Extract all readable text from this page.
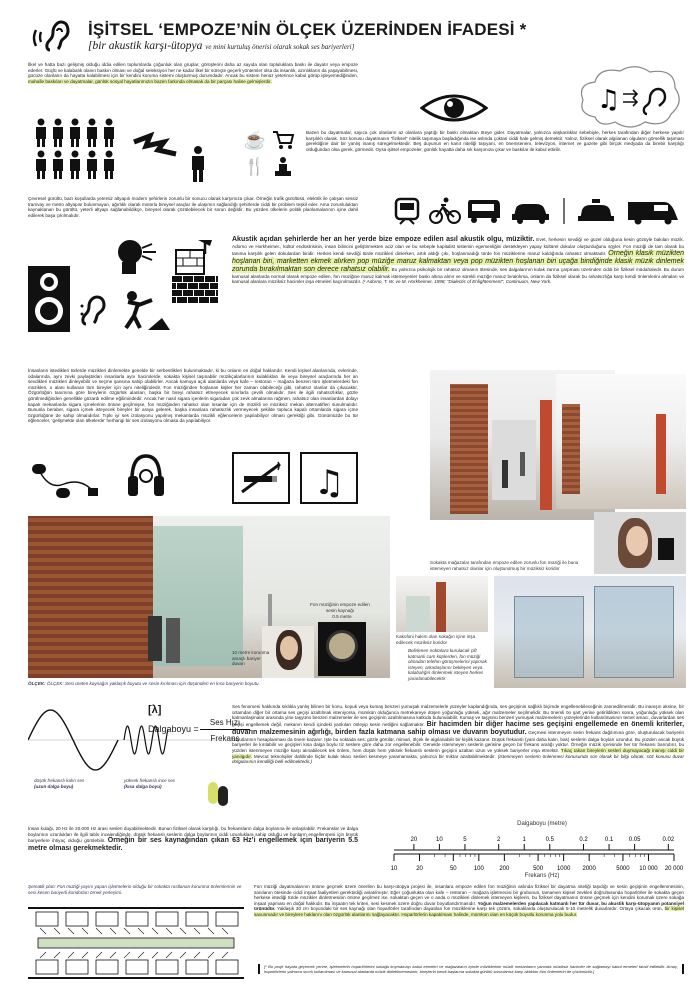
İŞİTSEL ‘EMPOZE’NİN ÖLÇEK ÜZERİNDEN İFADESİ *
[bir akustik karşı-ütopya ve mini kurtuluş önerisi olarak sokak ses bariyerleri]
İlkel ve hatta bazı gelişmiş olduğu iddia edilen toplumlarda çoğunluk olan gruplar, görüşlerini daha az sayıda olan topluluklara baskı ile dayatır veya empoze ederler. Güçlü ve kalabalık olanın baskın olması ve doğal seleksiyon her ne kadar ilkel bir süreçte geçerli yöntemler olsa da insanlık, azınlıkların da yaşayabilmesi, gücüze olanların da hayatta kalabilmesi için bir kendini koruma sistemi oluşturmuş durumdadır. Ancak bu sistem henüz yeterince kabul görüp işleyemediğinden, mahalle baskıları ve dayatmalar, günlük sosyal hayatlarımızın bazen farkında olmasak da bir parçası haline gelmişlerdir.
♫
☕
🍴
Bazen bu dayatmalar, sayıca çok olanların az olanlara yaptığı bir baskı olmaktan öteye gider. Dayatmalar, yalnızca alışkanlıklar sebebiyle, herkes tarafından diğer herkese yapılır karşılıklı olarak. Söz konusu dayatmanın “fiziksel” nitelik taşımaya başladığında ise aslında çoktan ciddi hale gelmiş demektir. Yalnız, fiziksel olarak algılanan olguların görsellik taşıması gerektiğine dair bir yanlış inanış süregelmektedir. Beş duyunun en kanıt niteliği taşıyanı, en önemsenenı, televizyon, internet ve gazete gibi birçok medyada da birebir karşılığı olduğundan olsa gerek, görmedir. Oysa işitsel empozeler, günlük hayatta daha sık karşımıza çıkar ve baskılar ile kabul ettirilir.
Çevresel gürültü, bazı koşullarda yetersiz altyapılı modern şehirlerin zorunlu bir sonucu olarak karşımıza çıkar. Örneğin trafik gürültüsü, elektrik ile çalışan sessiz tramvay ve metro altyapısı bulunmayan, ağırlıklı olarak motorlu bireysel araçlar ile ulaşımın sağlandığı şehirlerde ciddi bir problem teşkil eder. Ama zorunluluktan kaynaklanan bu gürültü, yeterli altyapı sağlanabildikçe, bireysel olarak çözülebilecek bir sorun değildir. Bu yüzden ülkelerin politik planlamalarının içine dahil edilerek başa çıkılmalıdır.
Akustik açıdan şehirlerde her an her yerde bize empoze edilen asıl akustik olgu, müziktir. Evet, herkesin sevdiği ve güzel olduğuna kesin gözüyle bakılan müzik. Adorno ve Horkheimer., kültür endüstrisinin, insan bilincini geliştirmekten aciz olan ve bu sebeple kapitalist sistemin egemenliğini destekleyen yapay kültürel dokular oluşturduğunu söyler. Fon müziği de tam olarak bu tanıma karşılık gelen dokulardan biridir. Herkes kendi sevdiği türde müzikleri dinlerken, artık aldığı çıkı, hoşlanmadığı türde fon müziklerine maruz kaldığında rahatsız olmaktadır. Örneğin klasik müzikten hoşlanan biri, marketten ekmek alırken pop müziğe maruz kalmaktan veya pop müzikten hoşlanan biri uçağa bindiğinde klasik müzik dinlemek zorunda bırakılmaktan son derece rahatsız olabilir. Bu yalnızca psikolojik bir rahatsız olmanın ötesinde, ses dalgalarının kulak zarına çarpması üzerinden ciddi bir fiziksel müdahaledir. Bu durum kamusal alanlarda normal olarak empoze edilen, fon müziğine maruz kalmak istemeyenler baskı altına alınır ve sürekli müziğe maruz bırakılırsa, onların da fiziksel olarak bu rahatsızlığa karşı kendi önlemlerini almaları ve kamusal alanlara müziksiz hacimler inşa etmeleri kaçınılmazdır. (¹ Adorno, T. W. ve M. Horkheimer, 1998; “Dialectic of Enlightenment”, Continuum, New York.
İnsanların istedikleri türlerde müzikleri dinlemekte genelde bir serbestlikleri bulunmaktadır, ki bu onların en doğal haklarıdır. Kendi kişisel alanlarında, evlerinde, odalarında, aynı zevki paylaştıkları insanlarla aynı hacimlerde, sokakta kişisel taşınabilir müzikçalarlarının kulaklıkları ile veya bireysel araçlarında her an sevdikleri müzikleri dinleyebilir ve seçme şansına sahip olabilirler. Ancak kamuya açık alanlarda veya kafe – restoran – mağaza benzeri tüm işletmelerdeki fon müzikleri, o alanı kullanan tüm bireyler için aynı niteliğindedir. Fon müziğinden hoşlanan kişiler her zaman olabileceği gibi, rahatsız olanlar da çıkacaktır. Özgürlüğün tanımına göre bireylerin özgürlük alanları, başka bir bireyi rahatsız etmeyecek sınırlarla çevrili olmalıdır. Ses ile ilgili rahatsızlıklar, gözle görülmediğinden genellikle gözardı edilme eğilimindedir. Ancak her nasıl sigara içenlerin sigaradan çok zevk almalarına rağmen, rahatsız olan insanlardan dolayı kapalı mekanlarda sigara içmelerinin önüne geçilmişse, fon müziğinden rahatsız olan insanlar için de müzikli ve müziksiz mekan alternatifleri sunulmalıdır. Bununla beraber, sigara içmek isteyecek bireyler bir araya gelerek, başka insanlara rahatsızlık vermeyecek şekilde topluca kapalı ortamlarda sigara içme özgürlüğüne de sahip olmalıdırlar. Tıpkı iyi ses izolasyonu yapılmış mekanlarda müzikli eğlencelerin yapılabiliyor olması gerektiği gibi. Günümüzde bu tür eğlenceler, ‘gelişmekte olan ülkelerde’ herhangi bir ses izolasyonu olmasa da yapılabiliyor.
♫
Sokakta mağazalar tarafından empoze edilen zorunlu fon müziği ile bunu istemeyen rahatsız olanlar için oluşturulmuş bir müziksiz koridor
Fon müziğinin empoze edilen sesin kaynağı
0.5 metre
10 metre korunma amaçlı bariyer duvarı
ÖLÇEK: ÖLÇEK: Sesi üreten kaynağın yaklaşık boyutu ve sesin kırılması için düşünülen en kısa bariyerin boyutu
Kakofoni hakim olan sokağın içine inşa edilecek müziksiz koridor
Belirlenen noktalara kurulacak çift katmanlı cam küplerden, fon müziği olmadan telefon görüşmelerini yapmak isteyen, arkadaşlarını bekleyen veya kalabalığın dinlenmek isteyen herkes yararlanabilecektir
düşük frekanslı kalın ses
(uzun dalga boyu)
yüksek frekanslı ince ses
(kısa dalga boyu)
[λ]
Dalgaboyu =
Ses Hızı
Frekans
Ses fenomeni hakkında sıklıkla yanlış bilinen bir konu, kopuk veya kumaş benzeri yumuşak malzemelerle yüzeyler kaplandığında, ses geçişinin sağlıklı biçimde engellenebileceğinin zannedilmesidir. Bu inanışın aksine, bir ortamdan diğer bir ortama ses geçişi azaltılmak isteniyorsa, mümkün olduğunca metrekareye düşen yoğunluğu yüksek, ağır malzemeler seçilmelidir. Bu önemli ön şart yerine getirildikten sonra, yoğunluğu yüksek olan katmanlaşmalar arasında yine taşyünü benzeri malzemeler ile ses geçişinin azaltılmasına katkıda bulunulabilir. Kumaş ve taşyünü benzeri yumuşak malzemelerin yüzeylerinde kullanılmasının temel amacı, duvarlardan ses geçişi engellemek değil, mekanın kendi içindeki yankıları önleyip sesin netliğini sağlamaktır. Bir hacimden bir diğer hacime ses geçişini engellemede en önemli kriterler, duvarın malzemesinin ağırlığı, birden fazla katmana sahip olması ve duvarın boyutudur. Geçmesi istenmeyen sesin frekans dağılımına göre, oluşturulacak bariyerin boyutlarının hesaplanması da önem kazanır. Işte bu noktada ses; gözle görülür, mimari, ölçek ile algılanabilir bir kişilik kazanır. Düşük frekanslı (yani daha kalın, bas) seslerin dalga boyları uzundur. Bu yüzden ancak büyük bariyerler ile kırılabilir ve geçişleri kısa dalga boylu tiz seslere göre daha zor engellenebilir. Genelde istenmeyen seslerin gerisine geçen bir frekans aralığı yoktur. Örneğin müzik içerisinde her tür frekansı barındırır, bu yüzden istenmeyen müziğe karşı alınabilecek tek önlem, hem düşük hem yüksek frekanslı seslerin geçişini azaltan uzun ve yüksek bariyerler inşa etmektir. Tıkaç takan bireylerin sesleri duymayacağı inanışı ciddi bir yanılgıdır. Mevcut teknolojiler dahilinde hiçbir kulak tıkacı sesleri kesmeye yaramamakta, yalnızca bir miktar azaltabilmektedir. (Istenmeyen seslerin önlenmesi konusunda son olarak bir bilgi olarak, söz konusu duvar dolgularının kendiliği belli edilmektedir.)
İnsan kulağı, 20 Hz ile 20.000 Hz arası sesleri duyabilmektedir. Bunun fiziksel olarak karşılığı, bu frekansların dalga boylarına ile anlaşılabilir. Frekanslar ve dalga boylarının uzunlukları ile ilgili tablo incelendiğinde, düşük frekanslı seslerin dalga boylarının ciddi uzunluklara sahip olduğu ve bunların engellenmesi için büyük bariyerlere ihtiyaç olduğu görülebilir. Örneğin bir ses kaynağından çıkan 63 Hz’i engellemek için bariyerin 5.5 metre olması gerekmektedir.
Dalgaboyu (metre)
20	10	5	2	1	0.5	0.2	0.1	0.05	0.02
10	20	50	100	200	500 1000 2000	5000 10 000 20 000
Frekans (Hz)
Şematik plan: Fon müziği yayını yapan işletmelerin olduğu bir sokakta rastlanan korunma önlemlerinin ve sesi kesen bariyerli koridorları örnek yerleşimi.
Fon müziği dayatmalarının önüne geçmek üzere önerilen bu karşı-ütopya projesi ile, insanlara empoze edilen fon müziğinin aslında fiziksel bir dayatma niteliği taşıdığı ve sesin geçişinin engellenmesinin, sanılanın ötesinde ciddi inşaat faaliyetleri gerektirdiği anlatılmıştır. Eğer çoğunlukta olan kafe – restoran – mağaza işletmecisi bir grubunun, tamamen kişisel zevkleri doğrultusunda hoparlörler ile sokakta geçen herkese istediği türde müzikler dinletmesinin önüne geçilmez ise, sokaktan geçen ve o anda o müzikleri dinlemek istemeyen kişilerin, bu fiziksel dayatmanın önüne geçmek için kendini korumak üzere sokağa inşaat yapması en doğal hakkıdır. Bu inşaatın tek kriteri, sesi kesmek üzere doğru duvar boyutlandırmasıdır. Yoğun malzemelerden yapılacak katmanlı her tür duvar, bu akustik karşı-ütopyanın potansiyel ürünüdür. Yaklaşık 30 cm boyundaki bir ses kaynağı olan hoparlörler tarafından dayatılan fon müziklerine karşı tek çözüm, sokaklarda oluşturulacak 5-10 metrelik duvarlardır. Ortaya çıkacak ürün, bir kişisel savunmadır ve bireylere haklarını olan özgürlük alanlarını sağlayacaktır. Hoparlörlerin kapatılması halinde, mümkün olan en küçük boyutlu korunma yolu budur.
[* Bu proje hayata geçirmek yerine, işletmelerin hoparlörlerini sokağa koymamayı kabul etmeleri ve mağazaların içinde müziklerinin müzik mekanlarını yanında müziksiz hacimler de sağlamayı kabul etmeleri tavsif edilebilir. Amaç, hoparlörlerin yalnızca sınırlı kullanılması ve kamusal alanlarda müzik dinletilmemesinin, bireylerin kendi başlarına sokakta gürültü sorunlarına karşı aldıkları tüm önlemlerin de çözümüdür.]
